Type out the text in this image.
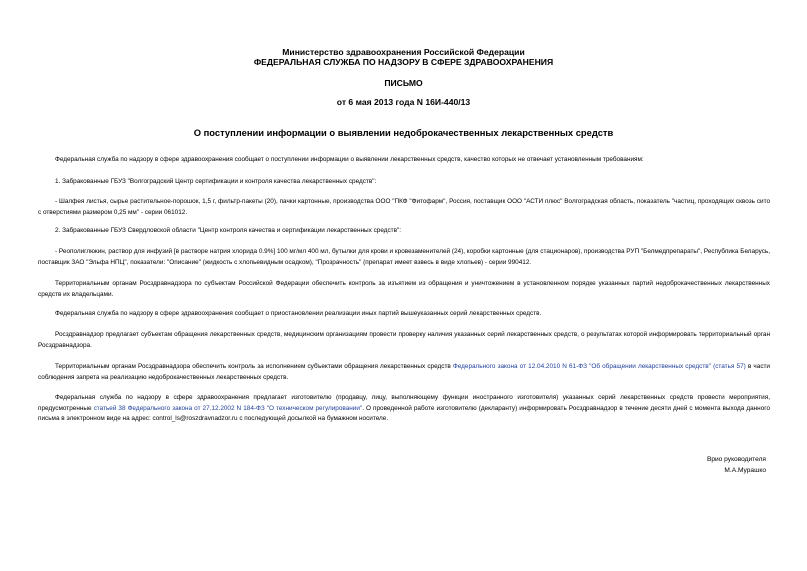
Министерство здравоохранения Российской Федерации
ФЕДЕРАЛЬНАЯ СЛУЖБА ПО НАДЗОРУ В СФЕРЕ ЗДРАВООХРАНЕНИЯ
ПИСЬМО
от 6 мая 2013 года N 16И-440/13
О поступлении информации о выявлении недоброкачественных лекарственных средств
Федеральная служба по надзору в сфере здравоохранения сообщает о поступлении информации о выявлении лекарственных средств, качество которых не отвечает установленным требованиям:
1. Забракованные ГБУЗ "Волгоградский Центр сертификации и контроля качества лекарственных средств":
- Шалфея листья, сырье растительное-порошок, 1,5 г, фильтр-пакеты (20), пачки картонные, производства ООО "ПКФ "Фитофарм", Россия, поставщик ООО "АСТИ плюс" Волгоградская область, показатель "частиц, проходящих сквозь сито с отверстиями размером 0,25 мм" - серии 061012.
2. Забракованные ГБУЗ Свердловской области "Центр контроля качества и сертификации лекарственных средств":
- Реополиглюкин, раствор для инфузий [в растворе натрия хлорида 0.9%] 100 мг/мл 400 мл, бутылки для крови и кровезаменителей (24), коробки картонные (для стационаров), производства РУП "Белмедпрепараты", Республика Беларусь, поставщик ЗАО "Эльфа НПЦ", показатели: "Описание" (жидкость с хлопьевидным осадком), "Прозрачность" (препарат имеет взвесь в виде хлопьев) - серии 990412.
Территориальным органам Росздравнадзора по субъектам Российской Федерации обеспечить контроль за изъятием из обращения и уничтожением в установленном порядке указанных партий недоброкачественных лекарственных средств их владельцами.
Федеральная служба по надзору в сфере здравоохранения сообщает о приостановлении реализации иных партий вышеуказанных серий лекарственных средств.
Росздравнадзор предлагает субъектам обращения лекарственных средств, медицинским организациям провести проверку наличия указанных серий лекарственных средств, о результатах которой информировать территориальный орган Росздравнадзора.
Территориальным органам Росздравнадзора обеспечить контроль за исполнением субъектами обращения лекарственных средств Федерального закона от 12.04.2010 N 61-ФЗ "Об обращении лекарственных средств" (статья 57) в части соблюдения запрета на реализацию недоброкачественных лекарственных средств.
Федеральная служба по надзору в сфере здравоохранения предлагает изготовителю (продавцу, лицу, выполняющему функции иностранного изготовителя) указанных серий лекарственных средств провести мероприятия, предусмотренные статьей 38 Федерального закона от 27.12.2002 N 184-ФЗ "О техническом регулировании". О проведенной работе изготовителю (декларанту) информировать Росздравнадзор в течение десяти дней с момента выхода данного письма в электронном виде на адрес: control_ls@roszdravnadzor.ru с последующей досылкой на бумажном носителе.
Врио руководителя
М.А.Мурашко
